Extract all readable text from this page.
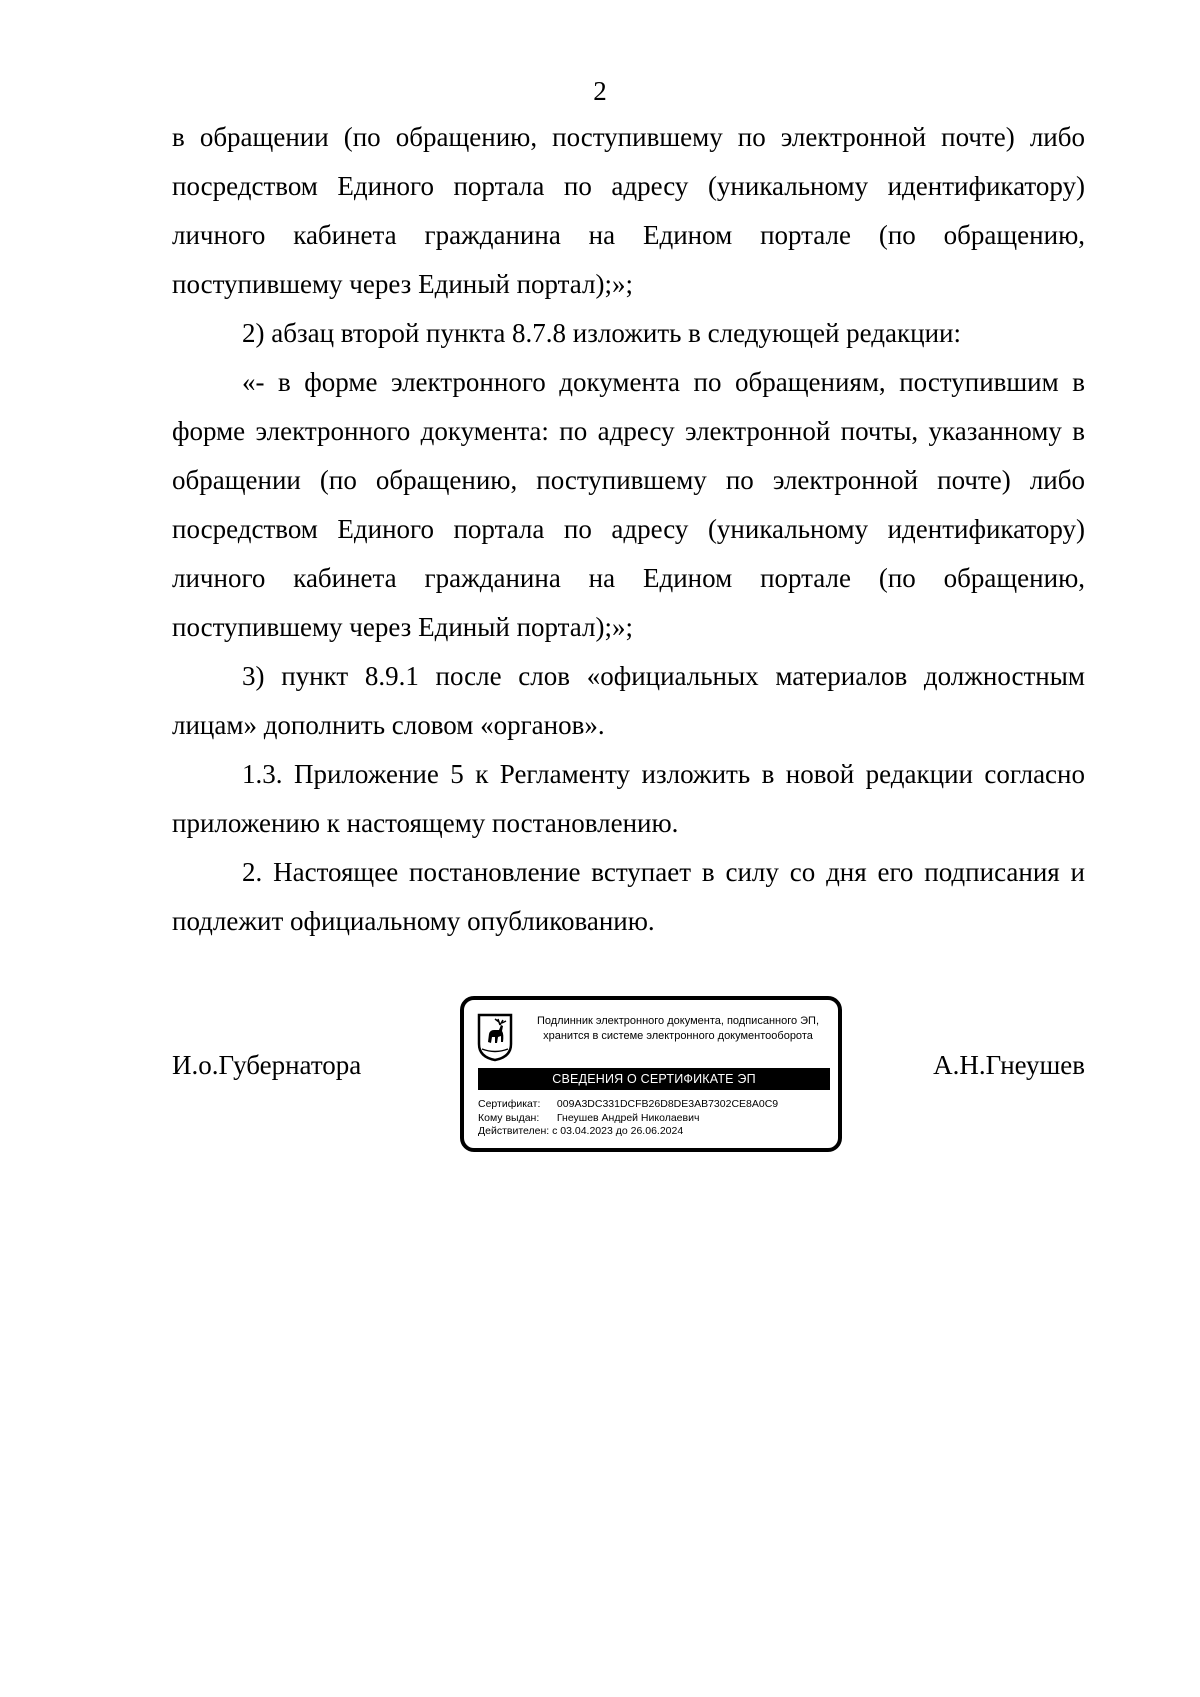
2

в обращении (по обращению, поступившему по электронной почте) либо посредством Единого портала по адресу (уникальному идентификатору) личного кабинета гражданина на Едином портале (по обращению, поступившему через Единый портал);»;

2) абзац второй пункта 8.7.8 изложить в следующей редакции:

«- в форме электронного документа по обращениям, поступившим в форме электронного документа: по адресу электронной почты, указанному в обращении (по обращению, поступившему по электронной почте) либо посредством Единого портала по адресу (уникальному идентификатору) личного кабинета гражданина на Едином портале (по обращению, поступившему через Единый портал);»;

3) пункт 8.9.1 после слов «официальных материалов должностным лицам» дополнить словом «органов».

1.3. Приложение 5 к Регламенту изложить в новой редакции согласно приложению к настоящему постановлению.

2. Настоящее постановление вступает в силу со дня его подписания и подлежит официальному опубликованию.

И.о.Губернатора
Подлинник электронного документа, подписанного ЭП, хранится в системе электронного документооборота
СВЕДЕНИЯ О СЕРТИФИКАТЕ ЭП
Сертификат: 009A3DC331DCFB26D8DE3AB7302CE8A0C9
Кому выдан: Гнеушев Андрей Николаевич
Действителен: с 03.04.2023 до 26.06.2024
А.Н.Гнеушев
